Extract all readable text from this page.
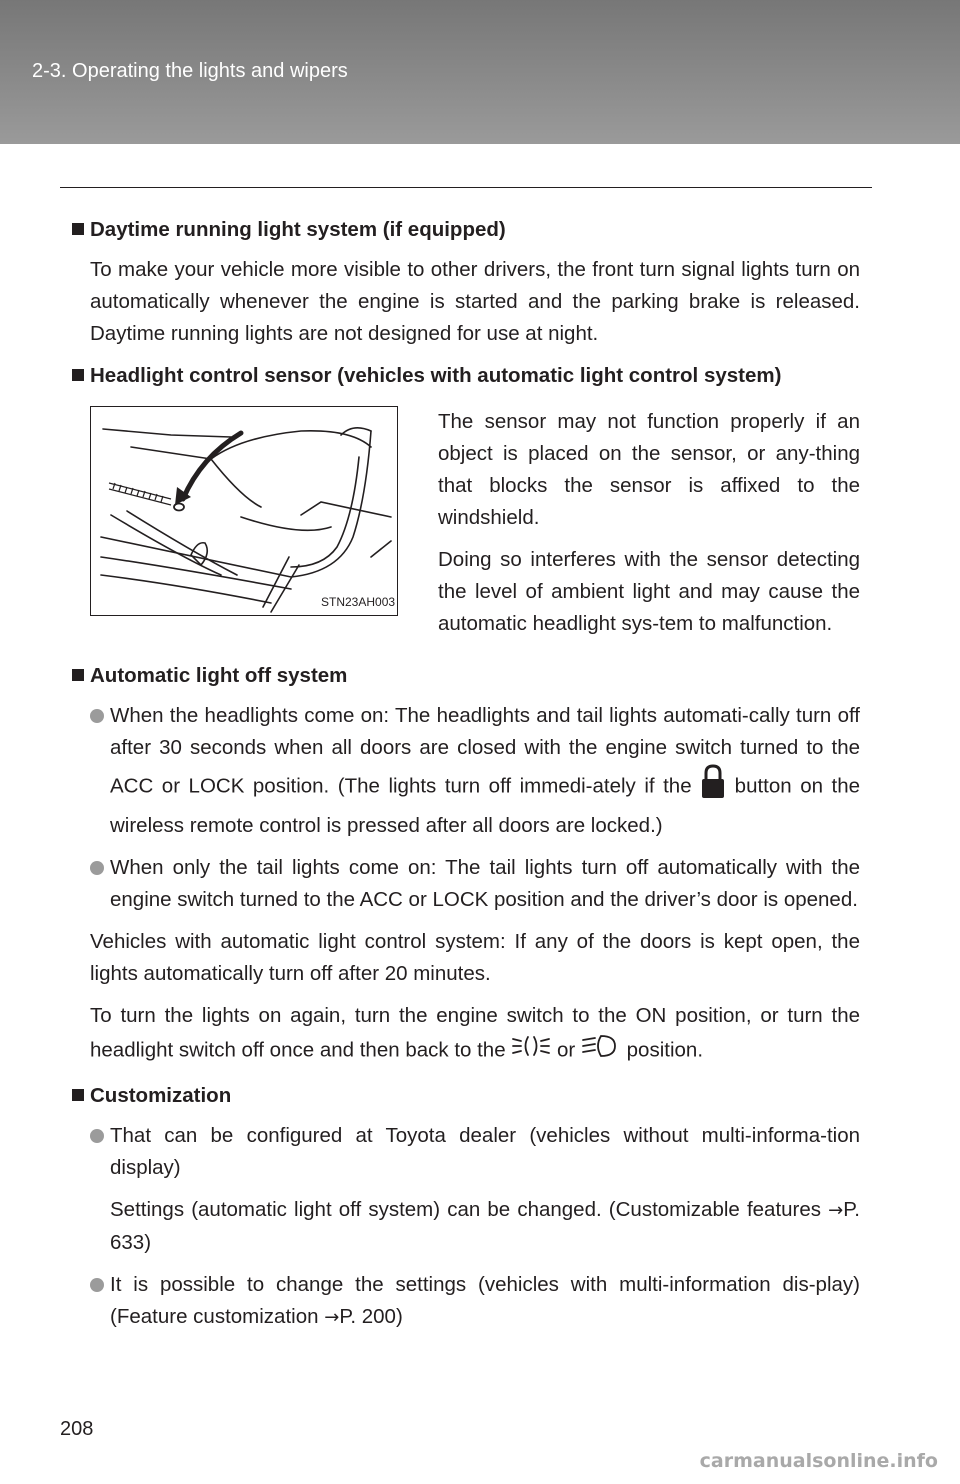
2-3. Operating the lights and wipers
Daytime running light system (if equipped)

To make your vehicle more visible to other drivers, the front turn signal lights turn on automatically whenever the engine is started and the parking brake is released. Daytime running lights are not designed for use at night.

Headlight control sensor (vehicles with automatic light control system)
STN23AH003

The sensor may not function properly if an object is placed on the sensor, or any-thing that blocks the sensor is affixed to the windshield.

Doing so interferes with the sensor detecting the level of ambient light and may cause the automatic headlight sys-tem to malfunction.

Automatic light off system
When the headlights come on: The headlights and tail lights automati-cally turn off after 30 seconds when all doors are closed with the engine switch turned to the ACC or LOCK position. (The lights turn off immedi-ately if the button on the wireless remote control is pressed after all doors are locked.)
When only the tail lights come on: The tail lights turn off automatically with the engine switch turned to the ACC or LOCK position and the driver’s door is opened.

Vehicles with automatic light control system: If any of the doors is kept open, the lights automatically turn off after 20 minutes.

To turn the lights on again, turn the engine switch to the ON position, or turn the headlight switch off once and then back to the	or	position.

Customization
That can be configured at Toyota dealer (vehicles without multi-informa-tion display)

Settings (automatic light off system) can be changed. (Customizable features →P. 633)

It is possible to change the settings (vehicles with multi-information dis-play) (Feature customization →P. 200)
208
carmanualsonline.info
